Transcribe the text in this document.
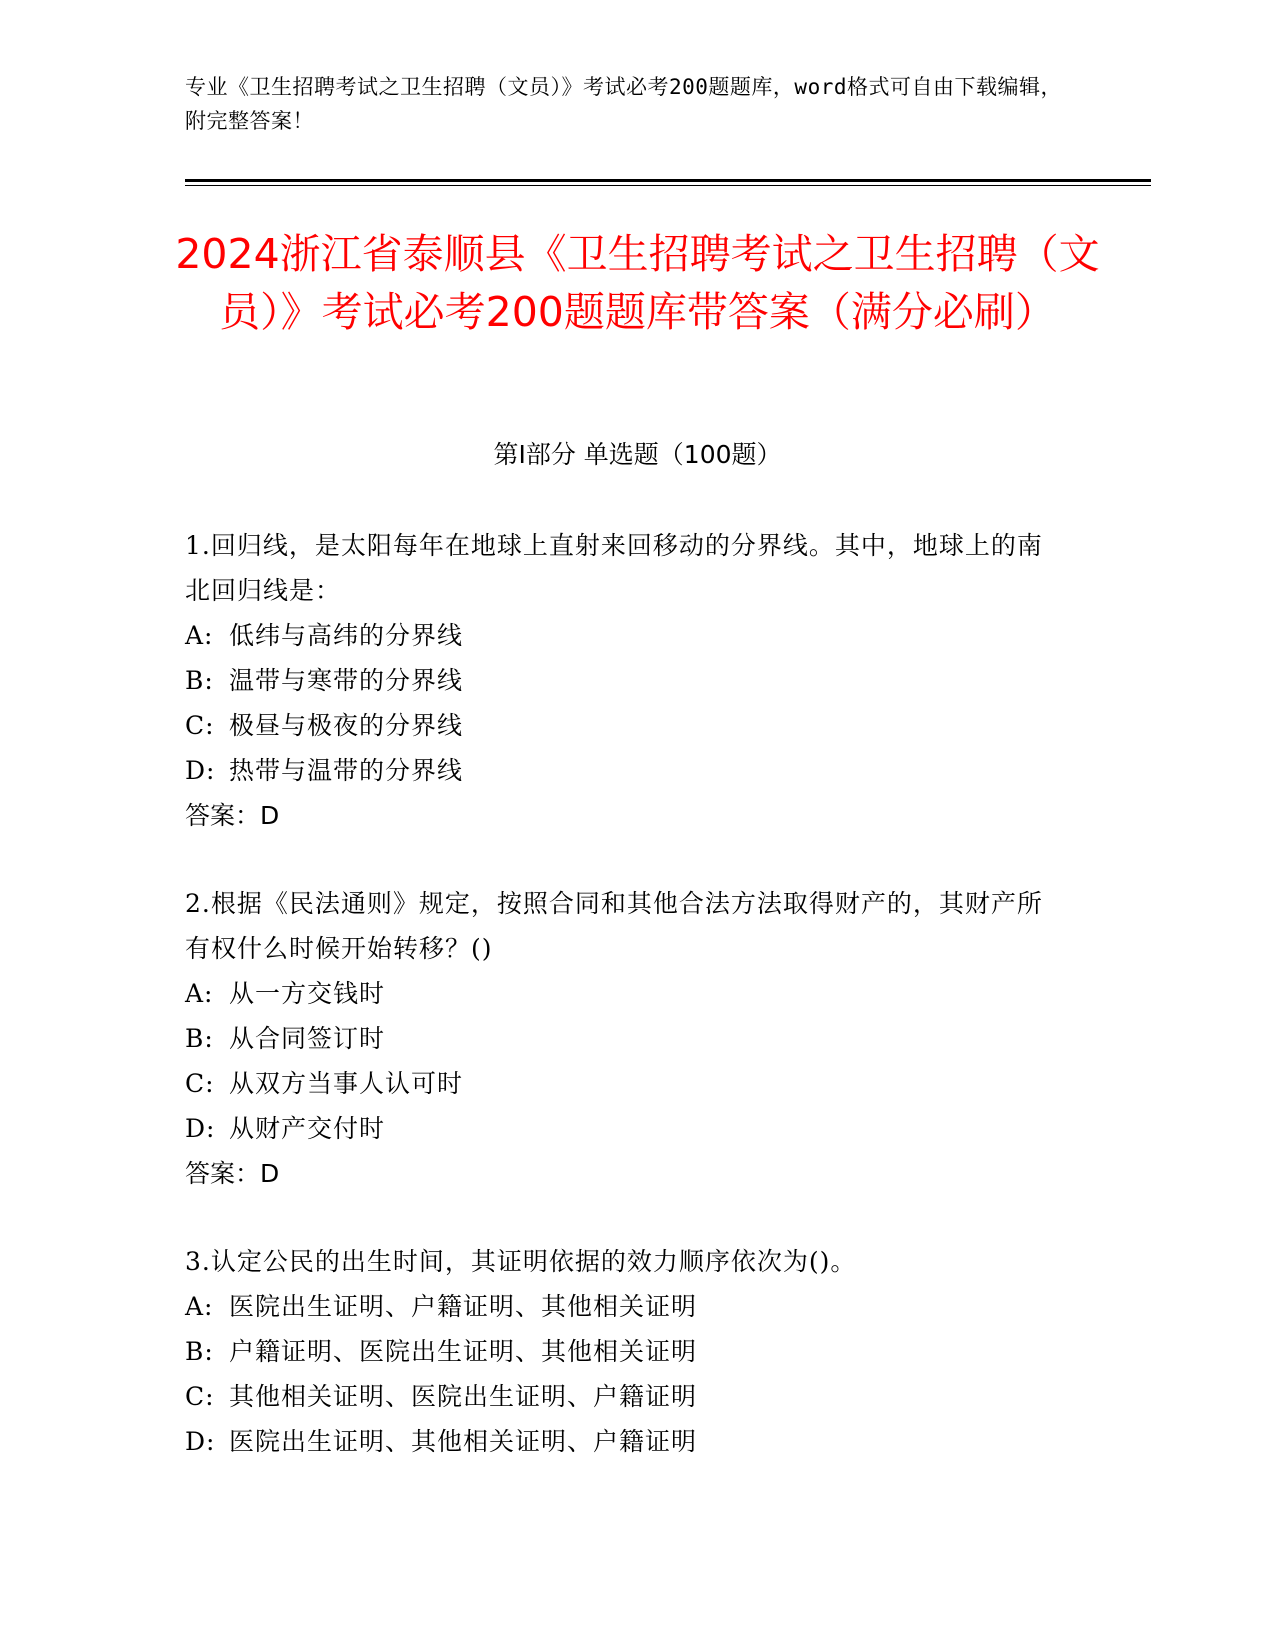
专业《卫生招聘考试之卫生招聘（文员）》考试必考200题题库，word格式可自由下载编辑，附完整答案！
2024浙江省泰顺县《卫生招聘考试之卫生招聘（文员）》考试必考200题题库带答案（满分必刷）
第I部分 单选题（100题）
1.回归线，是太阳每年在地球上直射来回移动的分界线。其中，地球上的南北回归线是：
A: 低纬与高纬的分界线
B: 温带与寒带的分界线
C: 极昼与极夜的分界线
D: 热带与温带的分界线
答案：D
2.根据《民法通则》规定，按照合同和其他合法方法取得财产的，其财产所有权什么时候开始转移？()
A: 从一方交钱时
B: 从合同签订时
C: 从双方当事人认可时
D: 从财产交付时
答案：D
3.认定公民的出生时间，其证明依据的效力顺序依次为()。
A: 医院出生证明、户籍证明、其他相关证明
B: 户籍证明、医院出生证明、其他相关证明
C: 其他相关证明、医院出生证明、户籍证明
D: 医院出生证明、其他相关证明、户籍证明
